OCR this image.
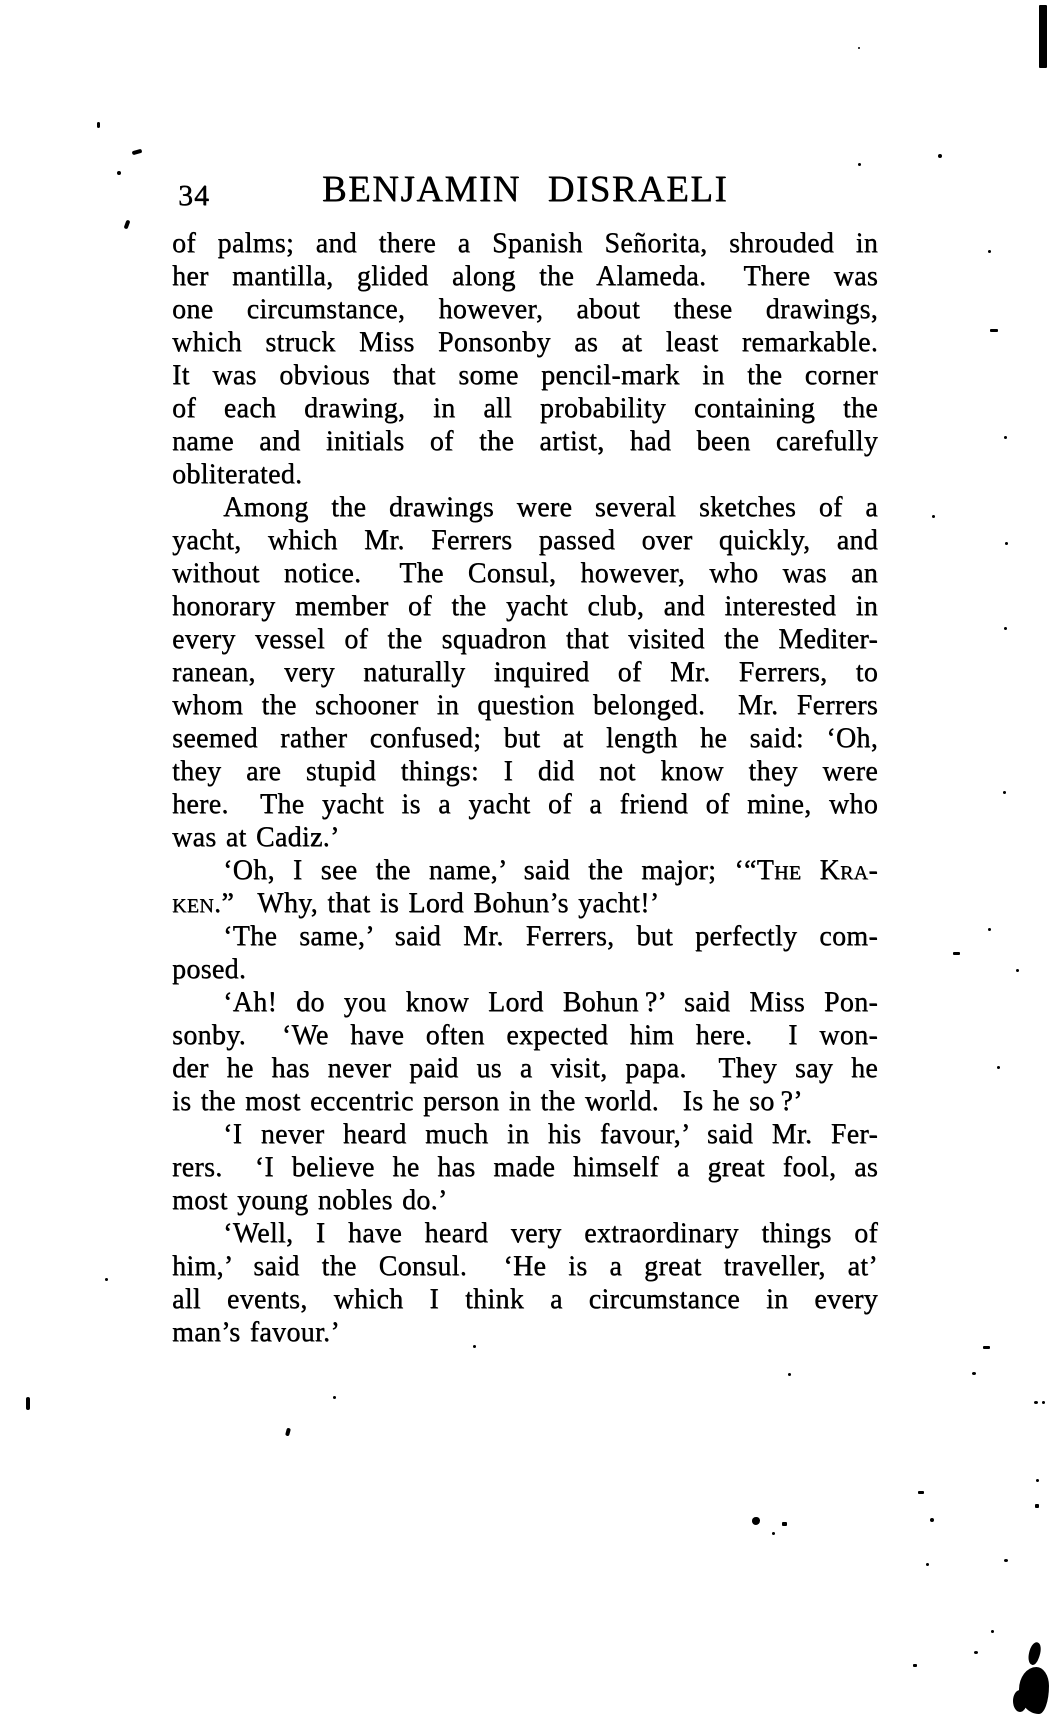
34	BENJAMIN DISRAELI
of palms; and there a Spanish Señorita, shrouded in
her mantilla, glided along the Alameda.  There was
one circumstance, however, about these drawings,
which struck Miss Ponsonby as at least remarkable.
It was obvious that some pencil-mark in the corner
of each drawing, in all probability containing the
name and initials of the artist, had been carefully
obliterated.
Among the drawings were several sketches of a
yacht, which Mr. Ferrers passed over quickly, and
without notice.  The Consul, however, who was an
honorary member of the yacht club, and interested in
every vessel of the squadron that visited the Mediter-
ranean, very naturally inquired of Mr. Ferrers, to
whom the schooner in question belonged.  Mr. Ferrers
seemed rather confused; but at length he said: ‘Oh,
they are stupid things: I did not know they were
here.  The yacht is a yacht of a friend of mine, who
was at Cadiz.’
‘Oh, I see the name,’ said the major; ‘“The Kra-
ken.”  Why, that is Lord Bohun’s yacht!’
‘The same,’ said Mr. Ferrers, but perfectly com-
posed.
‘Ah! do you know Lord Bohun ?’ said Miss Pon-
sonby.  ‘We have often expected him here.  I won-
der he has never paid us a visit, papa.  They say he
is the most eccentric person in the world.  Is he so ?’
‘I never heard much in his favour,’ said Mr. Fer-
rers.  ‘I believe he has made himself a great fool, as
most young nobles do.’
‘Well, I have heard very extraordinary things of
him,’ said the Consul.  ‘He is a great traveller, at’
all events, which I think a circumstance in every
man’s favour.’
